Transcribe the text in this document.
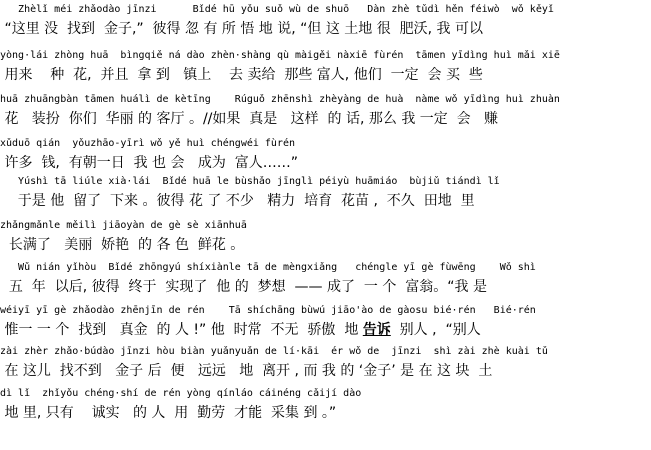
Zhèlǐ méi zhǎodào jīnzi      Bǐdé hū yǒu suǒ wù de shuō   Dàn zhè tǔdì hěn féiwò  wǒ kěyǐ
“这里 没  找到  金子,”  彼得 忽 有 所 悟 地 说, “但 这 土地 很  肥沃, 我 可以
yòng·lái zhòng huā  bìngqiě ná dào zhèn·shàng qù màigěi nàxiē fùrén  tāmen yīdìng huì mǎi xiē
用来    种  花,  并且  拿 到   镇上    去 卖给  那些 富人, 他们  一定  会 买  些
huā zhuāngbàn tāmen huálì de kètīng    Rúguǒ zhēnshì zhèyàng de huà  nàme wǒ yīdìng huì zhuàn
花   装扮  你们  华丽 的 客厅 。//如果  真是   这样  的 话, 那么 我 一定  会   赚
xǔduō qián  yǒuzhāo-yīrì wǒ yě huì chéngwéi fùrén
许多  钱,  有朝一日  我 也 会   成为  富人……”
Yúshì tā liúle xià·lái  Bǐdé huā le bùshǎo jīnglì péiyù huāmiáo  bùjiǔ tiándì lǐ
于是 他  留了  下来 。彼得 花 了 不少   精力  培育  花苗 ,  不久  田地  里
zhǎngmǎnle měilì jiāoyàn de gè sè xiānhuā
长满了   美丽  娇艳  的 各 色  鲜花 。
Wǔ nián yǐhòu  Bǐdé zhōngyú shíxiànle tā de mèngxiǎng   chéngle yī gè fùwēng    Wǒ shì
五  年  以后, 彼得  终于  实现了  他 的  梦想  —— 成了  一 个  富翁。“我 是
wéiyī yī gè zhǎodào zhēnjīn de rén    Tā shíchāng bùwú jiāo'ào de gàosu bié·rén   Bié·rén
惟一 一 个  找到   真金  的 人 !” 他  时常  不无  骄傲  地 告诉  别人 ,  “别人
zài zhèr zhǎo·búdào jīnzi hòu biàn yuǎnyuǎn de lí·kāi  ér wǒ de  jīnzi  shì zài zhè kuài tǔ
在 这儿  找不到   金子 后  便   远远   地  离开 , 而 我 的 ‘金子’ 是 在 这 块  土
dì lǐ  zhǐyǒu chéng·shí de rén yòng qínláo cáinéng cǎijí dào
地 里, 只有    诚实   的 人  用  勤劳  才能  采集 到 。”
